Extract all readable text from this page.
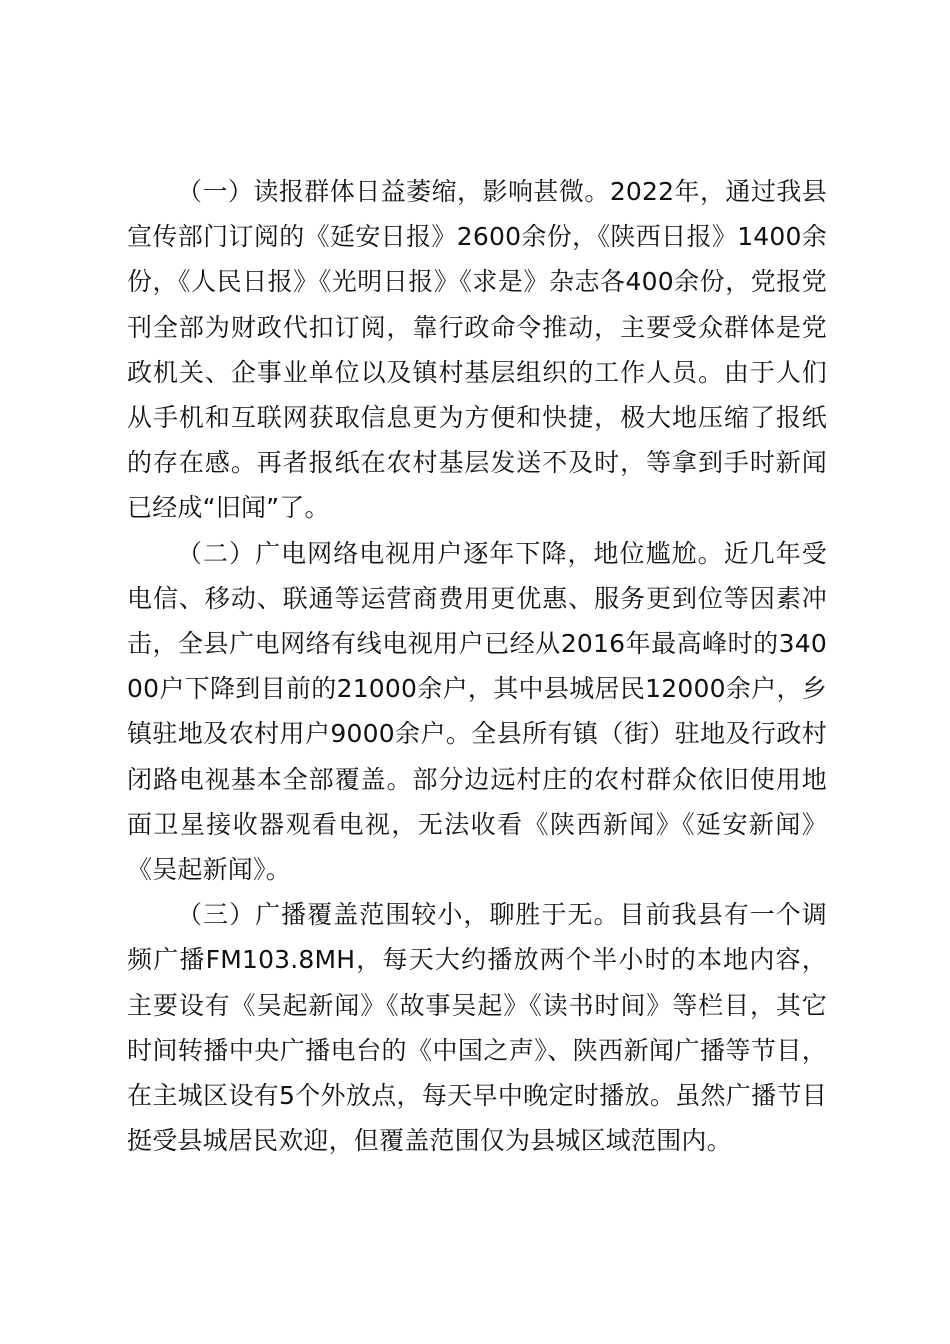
（一）读报群体日益萎缩，影响甚微。2022年，通过我县宣传部门订阅的《延安日报》2600余份，《陕西日报》1400余份，《人民日报》《光明日报》《求是》杂志各400余份，党报党刊全部为财政代扣订阅，靠行政命令推动，主要受众群体是党政机关、企事业单位以及镇村基层组织的工作人员。由于人们从手机和互联网获取信息更为方便和快捷，极大地压缩了报纸的存在感。再者报纸在农村基层发送不及时，等拿到手时新闻已经成“旧闻”了。

（二）广电网络电视用户逐年下降，地位尴尬。近几年受电信、移动、联通等运营商费用更优惠、服务更到位等因素冲击，全县广电网络有线电视用户已经从2016年最高峰时的34000户下降到目前的21000余户，其中县城居民12000余户，乡镇驻地及农村用户9000余户。全县所有镇（街）驻地及行政村闭路电视基本全部覆盖。部分边远村庄的农村群众依旧使用地面卫星接收器观看电视，无法收看《陕西新闻》《延安新闻》《吴起新闻》。

（三）广播覆盖范围较小，聊胜于无。目前我县有一个调频广播FM103.8MH，每天大约播放两个半小时的本地内容，主要设有《吴起新闻》《故事吴起》《读书时间》等栏目，其它时间转播中央广播电台的《中国之声》、陕西新闻广播等节目，在主城区设有5个外放点，每天早中晚定时播放。虽然广播节目挺受县城居民欢迎，但覆盖范围仅为县城区域范围内。
